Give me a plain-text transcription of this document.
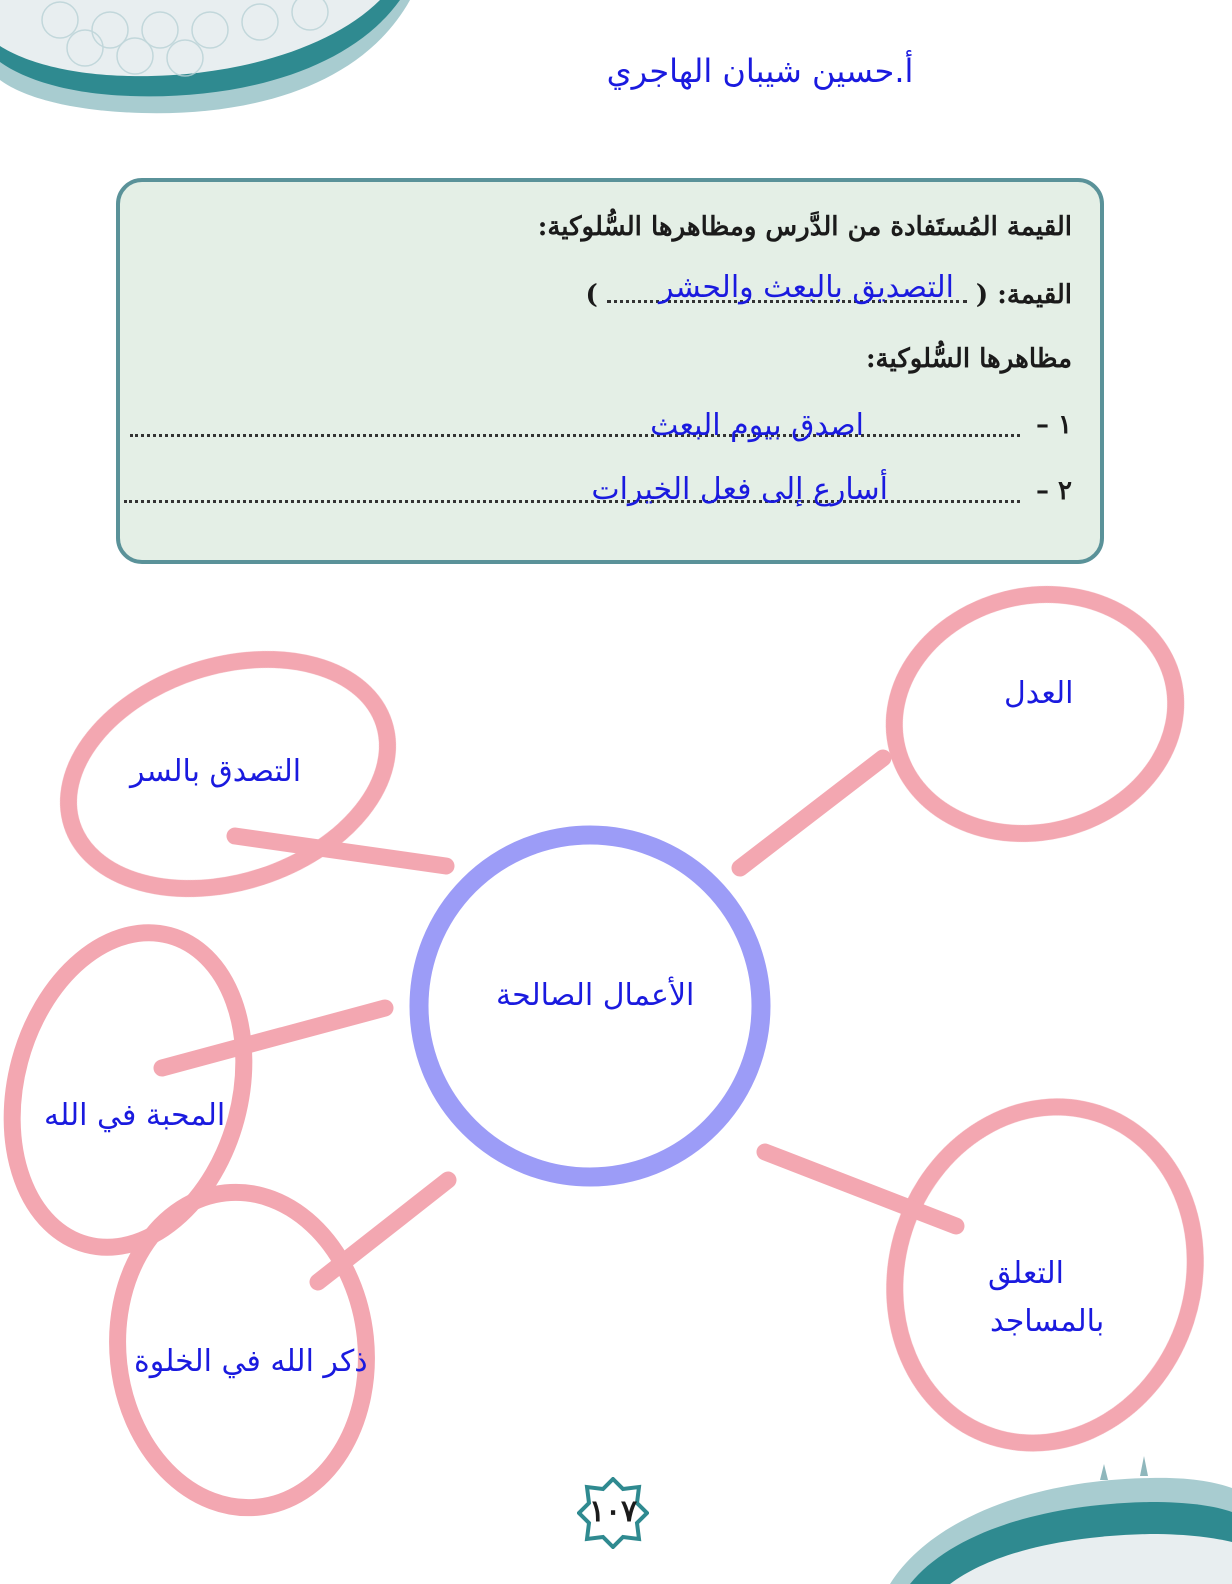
أ.حسين شيبان الهاجري
القيمة المُستَفادة من الدَّرس ومظاهرها السُّلوكية:
القيمة: (  )	التصديق بالبعث والحشر
مظاهرها السُّلوكية:
١ –
اصدق بيوم البعث
٢ –
أسارع إلى فعل الخيرات
الأعمال الصالحة
العدل
التصدق بالسر
المحبة في الله
ذكر الله في الخلوة
التعلق
بالمساجد
١٠٧
